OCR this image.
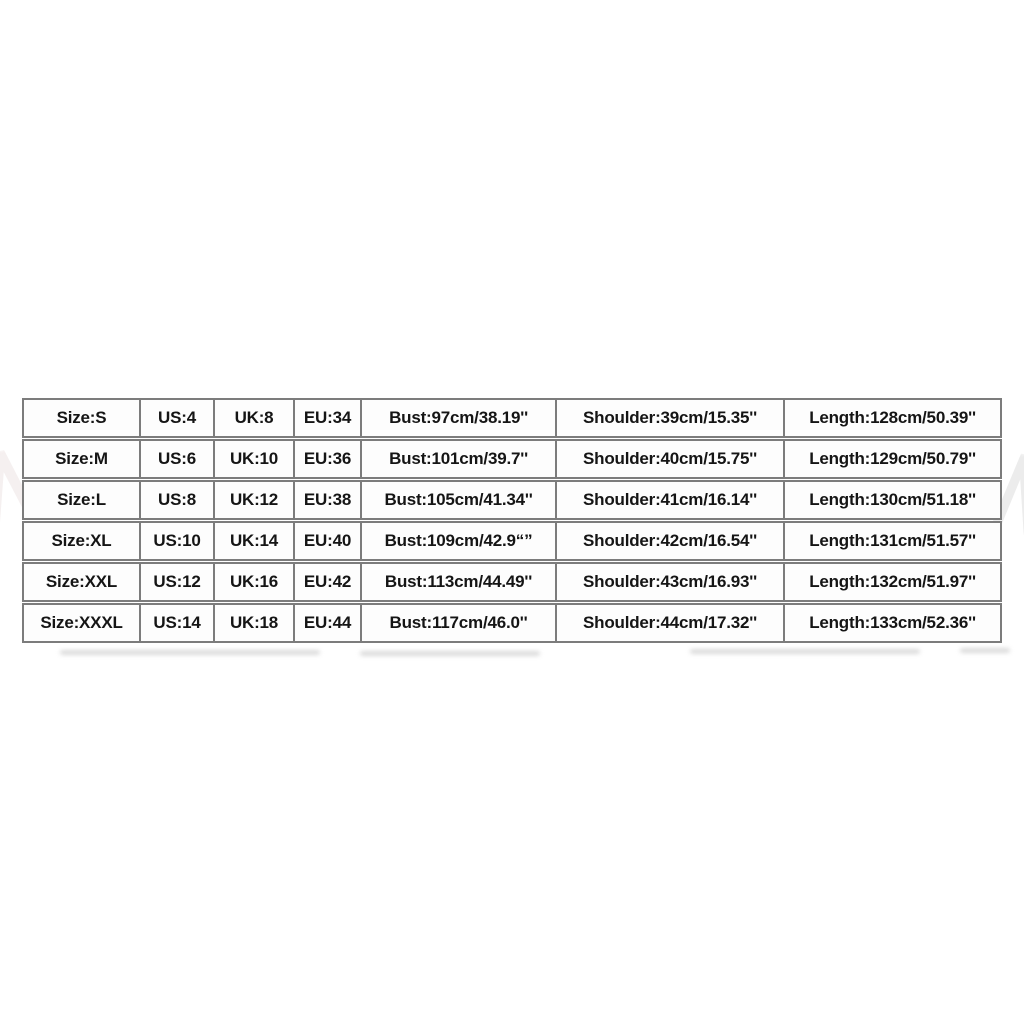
Size:S	US:4	UK:8	EU:34	Bust:97cm/38.19''	Shoulder:39cm/15.35''	Length:128cm/50.39''
Size:M	US:6	UK:10	EU:36	Bust:101cm/39.7''	Shoulder:40cm/15.75''	Length:129cm/50.79''
Size:L	US:8	UK:12	EU:38	Bust:105cm/41.34''	Shoulder:41cm/16.14''	Length:130cm/51.18''
Size:XL	US:10	UK:14	EU:40	Bust:109cm/42.9“”	Shoulder:42cm/16.54''	Length:131cm/51.57''
Size:XXL	US:12	UK:16	EU:42	Bust:113cm/44.49''	Shoulder:43cm/16.93''	Length:132cm/51.97''
Size:XXXL	US:14	UK:18	EU:44	Bust:117cm/46.0''	Shoulder:44cm/17.32''	Length:133cm/52.36''
